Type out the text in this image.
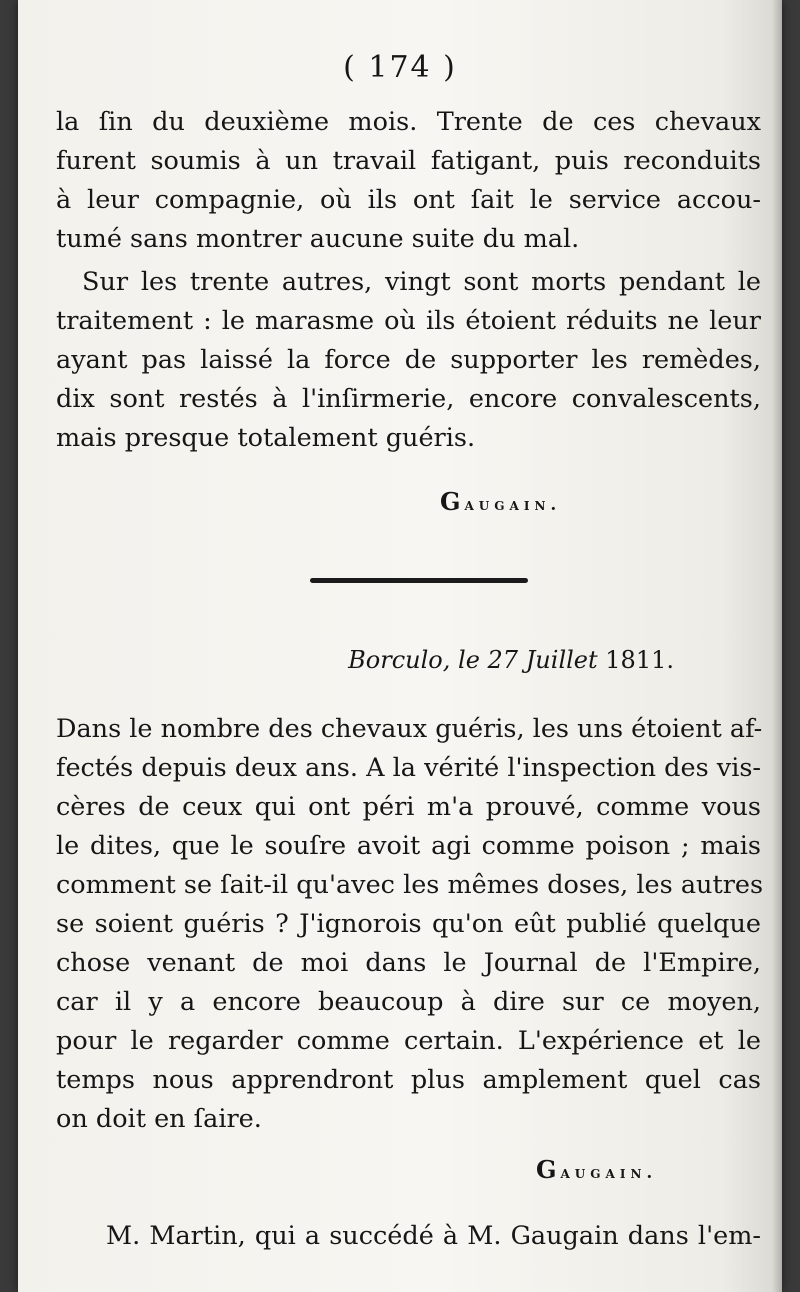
( 174 )
la ſin du deuxième mois. Trente de ces chevaux
furent soumis à un travail fatigant, puis reconduits
à leur compagnie, où ils ont ſait le service accou-
tumé sans montrer aucune suite du mal.
Sur les trente autres, vingt sont morts pendant le
traitement : le marasme où ils étoient réduits ne leur
ayant pas laissé la force de supporter les remèdes,
dix sont restés à l'inſirmerie, encore convalescents,
mais presque totalement guéris.
Gaugain.
Borculo, le 27 Juillet 1811.
Dans le nombre des chevaux guéris, les uns étoient af-
fectés depuis deux ans. A la vérité l'inspection des vis-
cères de ceux qui ont péri m'a prouvé, comme vous
le dites, que le souſre avoit agi comme poison ; mais
comment se ſait-il qu'avec les mêmes doses, les autres
se soient guéris ? J'ignorois qu'on eût publié quelque
chose venant de moi dans le Journal de l'Empire,
car il y a encore beaucoup à dire sur ce moyen,
pour le regarder comme certain. L'expérience et le
temps nous apprendront plus amplement quel cas
on doit en ſaire.
Gaugain.
M. Martin, qui a succédé à M. Gaugain dans l'em-
